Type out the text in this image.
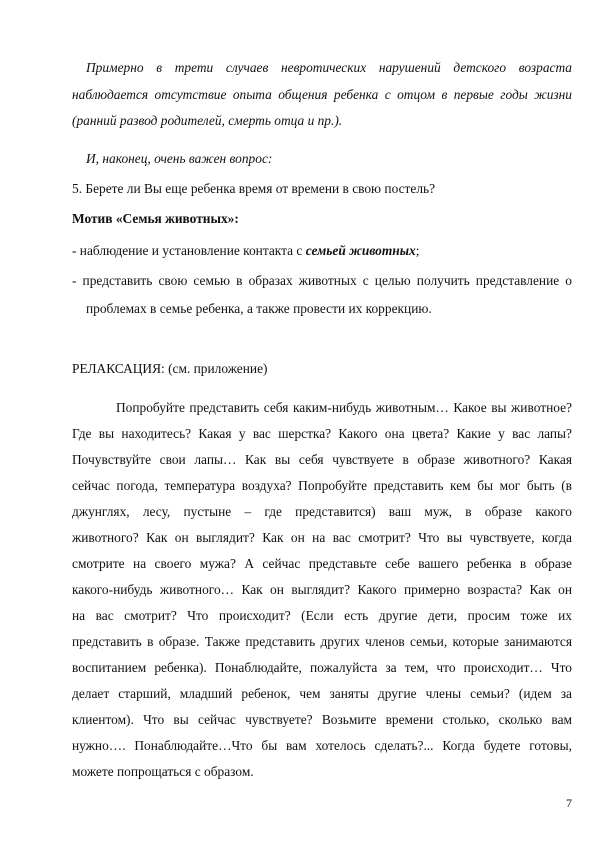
Примерно в трети случаев невротических нарушений детского возраста
наблюдается отсутствие опыта общения ребенка с отцом в первые годы жизни
(ранний развод родителей, смерть отца и пр.).
И, наконец, очень важен вопрос:
5. Берете ли Вы еще ребенка время от времени в свою постель?
Мотив «Семья животных»:
- наблюдение и установление контакта с семьей животных;
- представить свою семью в образах животных с целью получить представление о
проблемах в семье ребенка, а также провести их коррекцию.
РЕЛАКСАЦИЯ: (см. приложение)
Попробуйте представить себя каким-нибудь животным… Какое вы животное?
Где вы находитесь? Какая у вас шерстка? Какого она цвета? Какие у вас лапы?
Почувствуйте свои лапы… Как вы себя чувствуете в образе животного? Какая
сейчас погода, температура воздуха? Попробуйте представить кем бы мог быть (в
джунглях, лесу, пустыне – где представится) ваш муж, в образе какого
животного? Как он выглядит? Как он на вас смотрит? Что вы чувствуете, когда
смотрите на своего мужа? А сейчас представьте себе вашего ребенка в образе
какого-нибудь животного… Как он выглядит? Какого примерно возраста? Как он
на вас смотрит? Что происходит? (Если есть другие дети, просим тоже их
представить в образе. Также представить других членов семьи, которые занимаются
воспитанием ребенка). Понаблюдайте, пожалуйста за тем, что происходит… Что
делает старший, младший ребенок, чем заняты другие члены семьи? (идем за
клиентом). Что вы сейчас чувствуете? Возьмите времени столько, сколько вам
нужно…. Понаблюдайте…Что бы вам хотелось сделать?... Когда будете готовы,
можете попрощаться с образом.
7
